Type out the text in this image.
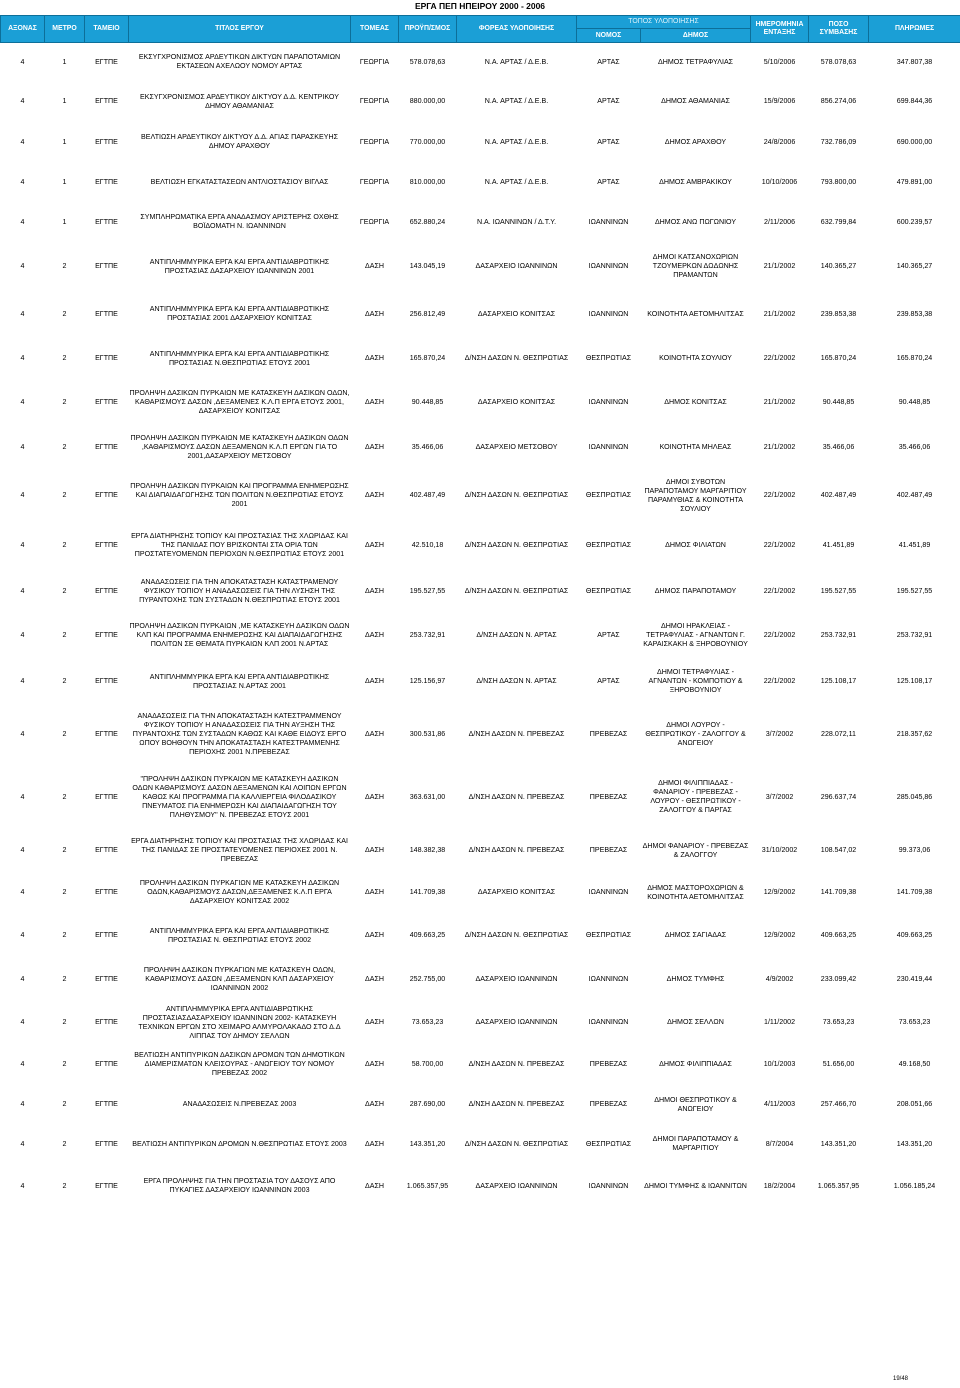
ΕΡΓΑ ΠΕΠ ΗΠΕΙΡΟΥ 2000 - 2006
ΑΞΟΝΑΣ	ΜΕΤΡΟ	ΤΑΜΕΙΟ	ΤΙΤΛΟΣ ΕΡΓΟΥ	ΤΟΜΕΑΣ	ΠΡΟΫΠ/ΣΜΟΣ	ΦΟΡΕΑΣ ΥΛΟΠΟΙΗΣΗΣ	ΤΟΠΟΣ ΥΛΟΠΟΙΗΣΗΣ		ΗΜΕΡΟΜΗΝΙΑ ΕΝΤΑΞΗΣ	ΠΟΣΟ ΣΥΜΒΑΣΗΣ	ΠΛΗΡΩΜΕΣ
							ΝΟΜΟΣ	ΔΗΜΟΣ			
4	1	ΕΓΤΠΕ	ΕΚΣΥΓΧΡΟΝΙΣΜΟΣ ΑΡΔΕΥΤΙΚΩΝ ΔΙΚΤΥΩΝ ΠΑΡΑΠΟΤΑΜΙΩΝ ΕΚΤΑΣΕΩΝ ΑΧΕΛΩΟΥ ΝΟΜΟΥ ΑΡΤΑΣ	ΓΕΩΡΓΙΑ	578.078,63	Ν.Α. ΑΡΤΑΣ / Δ.Ε.Β.	ΑΡΤΑΣ	ΔΗΜΟΣ ΤΕΤΡΑΦΥΛΙΑΣ	5/10/2006	578.078,63	347.807,38
4	1	ΕΓΤΠΕ	ΕΚΣΥΓΧΡΟΝΙΣΜΟΣ ΑΡΔΕΥΤΙΚΟΥ ΔΙΚΤΥΟΥ Δ.Δ. ΚΕΝΤΡΙΚΟΥ ΔΗΜΟΥ ΑΘΑΜΑΝΙΑΣ	ΓΕΩΡΓΙΑ	880.000,00	Ν.Α. ΑΡΤΑΣ / Δ.Ε.Β.	ΑΡΤΑΣ	ΔΗΜΟΣ ΑΘΑΜΑΝΙΑΣ	15/9/2006	856.274,06	699.844,36
4	1	ΕΓΤΠΕ	ΒΕΛΤΙΩΣΗ ΑΡΔΕΥΤΙΚΟΥ ΔΙΚΤΥΟΥ Δ.Δ. ΑΓΙΑΣ ΠΑΡΑΣΚΕΥΗΣ ΔΗΜΟΥ ΑΡΑΧΘΟΥ	ΓΕΩΡΓΙΑ	770.000,00	Ν.Α. ΑΡΤΑΣ / Δ.Ε.Β.	ΑΡΤΑΣ	ΔΗΜΟΣ ΑΡΑΧΘΟΥ	24/8/2006	732.786,09	690.000,00
4	1	ΕΓΤΠΕ	ΒΕΛΤΙΩΣΗ ΕΓΚΑΤΑΣΤΑΣΕΩΝ ΑΝΤΛΙΟΣΤΑΣΙΟΥ ΒΙΓΛΑΣ	ΓΕΩΡΓΙΑ	810.000,00	Ν.Α. ΑΡΤΑΣ / Δ.Ε.Β.	ΑΡΤΑΣ	ΔΗΜΟΣ ΑΜΒΡΑΚΙΚΟΥ	10/10/2006	793.800,00	479.891,00
4	1	ΕΓΤΠΕ	ΣΥΜΠΛΗΡΩΜΑΤΙΚΑ ΕΡΓΑ ΑΝΑΔΑΣΜΟΥ ΑΡΙΣΤΕΡΗΣ ΟΧΘΗΣ ΒΟΪΔΟΜΑΤΗ Ν. ΙΩΑΝΝΙΝΩΝ	ΓΕΩΡΓΙΑ	652.880,24	Ν.Α. ΙΩΑΝΝΙΝΩΝ / Δ.Τ.Υ.	ΙΩΑΝΝΙΝΩΝ	ΔΗΜΟΣ ΑΝΩ ΠΩΓΩΝΙΟΥ	2/11/2006	632.799,84	600.239,57
4	2	ΕΓΤΠΕ	ΑΝΤΙΠΛΗΜΜΥΡΙΚΑ ΕΡΓΑ ΚΑΙ ΕΡΓΑ ΑΝΤΙΔΙΑΒΡΩΤΙΚΗΣ ΠΡΟΣΤΑΣΙΑΣ ΔΑΣΑΡΧΕΙΟΥ ΙΩΑΝΝΙΝΩΝ 2001	ΔΑΣΗ	143.045,19	ΔΑΣΑΡΧΕΙΟ ΙΩΑΝΝΙΝΩΝ	ΙΩΑΝΝΙΝΩΝ	ΔΗΜΟΙ ΚΑΤΣΑΝΟΧΩΡΙΩΝ ΤΖΟΥΜΕΡΚΩΝ ΔΩΔΩΝΗΣ ΠΡΑΜΑΝΤΩΝ	21/1/2002	140.365,27	140.365,27
4	2	ΕΓΤΠΕ	ΑΝΤΙΠΛΗΜΜΥΡΙΚΑ ΕΡΓΑ ΚΑΙ ΕΡΓΑ ΑΝΤΙΔΙΑΒΡΩΤΙΚΗΣ ΠΡΟΣΤΑΣΙΑΣ 2001 ΔΑΣΑΡΧΕΙΟΥ ΚΟΝΙΤΣΑΣ	ΔΑΣΗ	256.812,49	ΔΑΣΑΡΧΕΙΟ ΚΟΝΙΤΣΑΣ	ΙΩΑΝΝΙΝΩΝ	ΚΟΙΝΟΤΗΤΑ ΑΕΤΟΜΗΛΙΤΣΑΣ	21/1/2002	239.853,38	239.853,38
4	2	ΕΓΤΠΕ	ΑΝΤΙΠΛΗΜΜΥΡΙΚΑ ΕΡΓΑ ΚΑΙ ΕΡΓΑ ΑΝΤΙΔΙΑΒΡΩΤΙΚΗΣ ΠΡΟΣΤΑΣΙΑΣ Ν.ΘΕΣΠΡΩΤΙΑΣ ΕΤΟΥΣ 2001	ΔΑΣΗ	165.870,24	Δ/ΝΣΗ ΔΑΣΩΝ Ν. ΘΕΣΠΡΩΤΙΑΣ	ΘΕΣΠΡΩΤΙΑΣ	ΚΟΙΝΟΤΗΤΑ ΣΟΥΛΙΟΥ	22/1/2002	165.870,24	165.870,24
4	2	ΕΓΤΠΕ	ΠΡΟΛΗΨΗ ΔΑΣΙΚΩΝ ΠΥΡΚΑΙΩΝ ΜΕ ΚΑΤΑΣΚΕΥΗ ΔΑΣΙΚΩΝ ΟΔΩΝ, ΚΑΘΑΡΙΣΜΟΥΣ ΔΑΣΩΝ ,ΔΕΞΑΜΕΝΕΣ Κ.Λ.Π ΕΡΓΑ ΕΤΟΥΣ 2001, ΔΑΣΑΡΧΕΙΟΥ ΚΟΝΙΤΣΑΣ	ΔΑΣΗ	90.448,85	ΔΑΣΑΡΧΕΙΟ ΚΟΝΙΤΣΑΣ	ΙΩΑΝΝΙΝΩΝ	ΔΗΜΟΣ ΚΟΝΙΤΣΑΣ	21/1/2002	90.448,85	90.448,85
4	2	ΕΓΤΠΕ	ΠΡΟΛΗΨΗ ΔΑΣΙΚΩΝ ΠΥΡΚΑΙΩΝ ΜΕ ΚΑΤΑΣΚΕΥΗ ΔΑΣΙΚΩΝ ΟΔΩΝ ,ΚΑΘΑΡΙΣΜΟΥΣ ΔΑΣΩΝ ΔΕΞΑΜΕΝΩΝ Κ.Λ.Π ΕΡΓΩΝ ΓΙΑ ΤΟ 2001,ΔΑΣΑΡΧΕΙΟΥ ΜΕΤΣΟΒΟΥ	ΔΑΣΗ	35.466,06	ΔΑΣΑΡΧΕΙΟ ΜΕΤΣΟΒΟΥ	ΙΩΑΝΝΙΝΩΝ	ΚΟΙΝΟΤΗΤΑ ΜΗΛΕΑΣ	21/1/2002	35.466,06	35.466,06
4	2	ΕΓΤΠΕ	ΠΡΟΛΗΨΗ ΔΑΣΙΚΩΝ ΠΥΡΚΑΙΩΝ ΚΑΙ ΠΡΟΓΡΑΜΜΑ ΕΝΗΜΕΡΩΣΗΣ ΚΑΙ ΔΙΑΠΑΙΔΑΓΩΓΗΣΗΣ ΤΩΝ ΠΟΛΙΤΩΝ Ν.ΘΕΣΠΡΩΤΙΑΣ ΕΤΟΥΣ 2001	ΔΑΣΗ	402.487,49	Δ/ΝΣΗ ΔΑΣΩΝ Ν. ΘΕΣΠΡΩΤΙΑΣ	ΘΕΣΠΡΩΤΙΑΣ	ΔΗΜΟΙ ΣΥΒΟΤΩΝ ΠΑΡΑΠΟΤΑΜΟΥ ΜΑΡΓΑΡΙΤΙΟΥ ΠΑΡΑΜΥΘΙΑΣ & ΚΟΙΝΟΤΗΤΑ ΣΟΥΛΙΟΥ	22/1/2002	402.487,49	402.487,49
4	2	ΕΓΤΠΕ	ΕΡΓΑ ΔΙΑΤΗΡΗΣΗΣ ΤΟΠΙΟΥ ΚΑΙ ΠΡΟΣΤΑΣΙΑΣ ΤΗΣ ΧΛΩΡΙΔΑΣ ΚΑΙ ΤΗΣ ΠΑΝΙΔΑΣ ΠΟΥ ΒΡΙΣΚΟΝΤΑΙ ΣΤΑ ΟΡΙΑ ΤΩΝ ΠΡΟΣΤΑΤΕΥΟΜΕΝΩΝ ΠΕΡΙΟΧΩΝ Ν.ΘΕΣΠΡΩΤΙΑΣ ΕΤΟΥΣ 2001	ΔΑΣΗ	42.510,18	Δ/ΝΣΗ ΔΑΣΩΝ Ν. ΘΕΣΠΡΩΤΙΑΣ	ΘΕΣΠΡΩΤΙΑΣ	ΔΗΜΟΣ ΦΙΛΙΑΤΩΝ	22/1/2002	41.451,89	41.451,89
4	2	ΕΓΤΠΕ	ΑΝΑΔΑΣΩΣΕΙΣ ΓΙΑ ΤΗΝ ΑΠΟΚΑΤΑΣΤΑΣΗ ΚΑΤΑΣΤΡΑΜΕΝΟΥ ΦΥΣΙΚΟΥ ΤΟΠΙΟΥ Η ΑΝΑΔΑΣΩΣΕΙΣ ΓΙΑ ΤΗΝ ΛΥΣΗΣΗ ΤΗΣ ΠΥΡΑΝΤΟΧΗΣ ΤΩΝ ΣΥΣΤΑΔΩΝ Ν.ΘΕΣΠΡΩΤΙΑΣ ΕΤΟΥΣ 2001	ΔΑΣΗ	195.527,55	Δ/ΝΣΗ ΔΑΣΩΝ Ν. ΘΕΣΠΡΩΤΙΑΣ	ΘΕΣΠΡΩΤΙΑΣ	ΔΗΜΟΣ ΠΑΡΑΠΟΤΑΜΟΥ	22/1/2002	195.527,55	195.527,55
4	2	ΕΓΤΠΕ	ΠΡΟΛΗΨΗ ΔΑΣΙΚΩΝ ΠΥΡΚΑΙΩΝ ,ΜΕ ΚΑΤΑΣΚΕΥΗ ΔΑΣΙΚΩΝ ΟΔΩΝ ΚΛΠ ΚΑΙ ΠΡΟΓΡΑΜΜΑ ΕΝΗΜΕΡΩΣΗΣ ΚΑΙ ΔΙΑΠΑΙΔΑΓΩΓΗΣΗΣ ΠΟΛΙΤΩΝ ΣΕ ΘΕΜΑΤΑ ΠΥΡΚΑΙΩΝ ΚΛΠ 2001 Ν.ΑΡΤΑΣ	ΔΑΣΗ	253.732,91	Δ/ΝΣΗ ΔΑΣΩΝ Ν. ΑΡΤΑΣ	ΑΡΤΑΣ	ΔΗΜΟΙ ΗΡΑΚΛΕΙΑΣ - ΤΕΤΡΑΦΥΛΙΑΣ - ΑΓΝΑΝΤΩΝ Γ. ΚΑΡΑΙΣΚΑΚΗ & ΞΗΡΟΒΟΥΝΙΟΥ	22/1/2002	253.732,91	253.732,91
4	2	ΕΓΤΠΕ	ΑΝΤΙΠΛΗΜΜΥΡΙΚΑ ΕΡΓΑ ΚΑΙ ΕΡΓΑ ΑΝΤΙΔΙΑΒΡΩΤΙΚΗΣ ΠΡΟΣΤΑΣΙΑΣ Ν.ΑΡΤΑΣ 2001	ΔΑΣΗ	125.156,97	Δ/ΝΣΗ ΔΑΣΩΝ Ν. ΑΡΤΑΣ	ΑΡΤΑΣ	ΔΗΜΟΙ ΤΕΤΡΑΦΥΛΙΑΣ - ΑΓΝΑΝΤΩΝ - ΚΟΜΠΟΤΙΟΥ & ΞΗΡΟΒΟΥΝΙΟΥ	22/1/2002	125.108,17	125.108,17
4	2	ΕΓΤΠΕ	ΑΝΑΔΑΣΩΣΕΙΣ ΓΙΑ ΤΗΝ ΑΠΟΚΑΤΑΣΤΑΣΗ ΚΑΤΕΣΤΡΑΜΜΕΝΟΥ ΦΥΣΙΚΟΥ ΤΟΠΙΟΥ Η ΑΝΑΔΑΣΩΣΕΙΣ ΓΙΑ ΤΗΝ ΑΥΞΗΣΗ ΤΗΣ ΠΥΡΑΝΤΟΧΗΣ ΤΩΝ ΣΥΣΤΑΔΩΝ ΚΑΘΩΣ ΚΑΙ ΚΑΘΕ ΕΙΔΟΥΣ ΕΡΓΟ ΩΠΟΥ ΒΟΗΘΟΥΝ ΤΗΝ ΑΠΟΚΑΤΑΣΤΑΣΗ ΚΑΤΕΣΤΡΑΜΜΕΝΗΣ ΠΕΡΙΟΧΗΣ 2001 Ν.ΠΡΕΒΕΖΑΣ	ΔΑΣΗ	300.531,86	Δ/ΝΣΗ ΔΑΣΩΝ Ν. ΠΡΕΒΕΖΑΣ	ΠΡΕΒΕΖΑΣ	ΔΗΜΟΙ ΛΟΥΡΟΥ - ΘΕΣΠΡΩΤΙΚΟΥ - ΖΑΛΟΓΓΟΥ & ΑΝΩΓΕΙΟΥ	3/7/2002	228.072,11	218.357,62
4	2	ΕΓΤΠΕ	"ΠΡΟΛΗΨΗ ΔΑΣΙΚΩΝ ΠΥΡΚΑΙΩΝ ΜΕ ΚΑΤΑΣΚΕΥΗ ΔΑΣΙΚΩΝ ΟΔΩΝ ΚΑΘΑΡΙΣΜΟΥΣ ΔΑΣΩΝ ΔΕΞΑΜΕΝΩΝ ΚΑΙ ΛΟΙΠΩΝ ΕΡΓΩΝ ΚΑΘΩΣ ΚΑΙ ΠΡΟΓΡΑΜΜΑ ΓΙΑ ΚΑΛΛΙΕΡΓΕΙΑ ΦΙΛΟΔΑΣΙΚΟΥ ΠΝΕΥΜΑΤΟΣ ΓΙΑ ΕΝΗΜΕΡΩΣΗ ΚΑΙ ΔΙΑΠΑΙΔΑΓΩΓΗΣΗ ΤΟΥ ΠΛΗΘΥΣΜΟΥ" Ν. ΠΡΕΒΕΖΑΣ ΕΤΟΥΣ 2001	ΔΑΣΗ	363.631,00	Δ/ΝΣΗ ΔΑΣΩΝ Ν. ΠΡΕΒΕΖΑΣ	ΠΡΕΒΕΖΑΣ	ΔΗΜΟΙ ΦΙΛΙΠΠΙΑΔΑΣ - ΦΑΝΑΡΙΟΥ - ΠΡΕΒΕΖΑΣ - ΛΟΥΡΟΥ - ΘΕΣΠΡΩΤΙΚΟΥ - ΖΑΛΟΓΓΟΥ & ΠΑΡΓΑΣ	3/7/2002	296.637,74	285.045,86
4	2	ΕΓΤΠΕ	ΕΡΓΑ ΔΙΑΤΗΡΗΣΗΣ ΤΟΠΙΟΥ ΚΑΙ ΠΡΟΣΤΑΣΙΑΣ ΤΗΣ ΧΛΩΡΙΔΑΣ ΚΑΙ ΤΗΣ ΠΑΝΙΔΑΣ ΣΕ ΠΡΟΣΤΑΤΕΥΟΜΕΝΕΣ ΠΕΡΙΟΧΕΣ 2001 Ν. ΠΡΕΒΕΖΑΣ	ΔΑΣΗ	148.382,38	Δ/ΝΣΗ ΔΑΣΩΝ Ν. ΠΡΕΒΕΖΑΣ	ΠΡΕΒΕΖΑΣ	ΔΗΜΟΙ ΦΑΝΑΡΙΟΥ - ΠΡΕΒΕΖΑΣ & ΖΑΛΟΓΓΟΥ	31/10/2002	108.547,02	99.373,06
4	2	ΕΓΤΠΕ	ΠΡΟΛΗΨΗ ΔΑΣΙΚΩΝ ΠΥΡΚΑΓΙΩΝ ΜΕ ΚΑΤΑΣΚΕΥΗ ΔΑΣΙΚΩΝ ΟΔΩΝ,ΚΑΘΑΡΙΣΜΟΥΣ ΔΑΣΩΝ,ΔΕΞΑΜΕΝΕΣ Κ.Λ.Π ΕΡΓΑ ΔΑΣΑΡΧΕΙΟΥ ΚΟΝΙΤΣΑΣ 2002	ΔΑΣΗ	141.709,38	ΔΑΣΑΡΧΕΙΟ ΚΟΝΙΤΣΑΣ	ΙΩΑΝΝΙΝΩΝ	ΔΗΜΟΣ ΜΑΣΤΟΡΟΧΩΡΙΩΝ & ΚΟΙΝΟΤΗΤΑ ΑΕΤΟΜΗΛΙΤΣΑΣ	12/9/2002	141.709,38	141.709,38
4	2	ΕΓΤΠΕ	ΑΝΤΙΠΛΗΜΜΥΡΙΚΑ ΕΡΓΑ ΚΑΙ ΕΡΓΑ ΑΝΤΙΔΙΑΒΡΩΤΙΚΗΣ ΠΡΟΣΤΑΣΙΑΣ Ν. ΘΕΣΠΡΩΤΙΑΣ ΕΤΟΥΣ 2002	ΔΑΣΗ	409.663,25	Δ/ΝΣΗ ΔΑΣΩΝ Ν. ΘΕΣΠΡΩΤΙΑΣ	ΘΕΣΠΡΩΤΙΑΣ	ΔΗΜΟΣ ΣΑΓΙΑΔΑΣ	12/9/2002	409.663,25	409.663,25
4	2	ΕΓΤΠΕ	ΠΡΟΛΗΨΗ ΔΑΣΙΚΩΝ ΠΥΡΚΑΓΙΩΝ ΜΕ ΚΑΤΑΣΚΕΥΗ ΟΔΩΝ, ΚΑΘΑΡΙΣΜΟΥΣ ΔΑΣΩΝ ,ΔΕΞΑΜΕΝΩΝ ΚΛΠ ΔΑΣΑΡΧΕΙΟΥ ΙΩΑΝΝΙΝΩΝ 2002	ΔΑΣΗ	252.755,00	ΔΑΣΑΡΧΕΙΟ ΙΩΑΝΝΙΝΩΝ	ΙΩΑΝΝΙΝΩΝ	ΔΗΜΟΣ ΤΥΜΦΗΣ	4/9/2002	233.099,42	230.419,44
4	2	ΕΓΤΠΕ	ΑΝΤΙΠΛΗΜΜΥΡΙΚΑ ΕΡΓΑ ΑΝΤΙΔΙΑΒΡΩΤΙΚΗΣ ΠΡΟΣΤΑΣΙΑΣΔΑΣΑΡΧΕΙΟΥ ΙΩΑΝΝΙΝΩΝ 2002- ΚΑΤΑΣΚΕΥΗ ΤΕΧΝΙΚΩΝ ΕΡΓΩΝ ΣΤΟ ΧΕΙΜΑΡΟ ΑΛΜΥΡΟΛΑΚΑΔΟ ΣΤΟ Δ.Δ ΛΙΠΠΑΣ ΤΟΥ ΔΗΜΟΥ ΣΕΛΛΩΝ	ΔΑΣΗ	73.653,23	ΔΑΣΑΡΧΕΙΟ ΙΩΑΝΝΙΝΩΝ	ΙΩΑΝΝΙΝΩΝ	ΔΗΜΟΣ ΣΕΛΛΩΝ	1/11/2002	73.653,23	73.653,23
4	2	ΕΓΤΠΕ	ΒΕΛΤΙΩΣΗ ΑΝΤΙΠΥΡΙΚΩΝ ΔΑΣΙΚΩΝ ΔΡΟΜΩΝ ΤΩΝ ΔΗΜΟΤΙΚΩΝ ΔΙΑΜΕΡΙΣΜΑΤΩΝ ΚΛΕΙΣΟΥΡΑΣ - ΑΝΩΓΕΙΟΥ ΤΟΥ ΝΟΜΟΥ ΠΡΕΒΕΖΑΣ 2002	ΔΑΣΗ	58.700,00	Δ/ΝΣΗ ΔΑΣΩΝ Ν. ΠΡΕΒΕΖΑΣ	ΠΡΕΒΕΖΑΣ	ΔΗΜΟΣ ΦΙΛΙΠΠΙΑΔΑΣ	10/1/2003	51.656,00	49.168,50
4	2	ΕΓΤΠΕ	ΑΝΑΔΑΣΩΣΕΙΣ Ν.ΠΡΕΒΕΖΑΣ 2003	ΔΑΣΗ	287.690,00	Δ/ΝΣΗ ΔΑΣΩΝ Ν. ΠΡΕΒΕΖΑΣ	ΠΡΕΒΕΖΑΣ	ΔΗΜΟΙ ΘΕΣΠΡΩΤΙΚΟΥ & ΑΝΩΓΕΙΟΥ	4/11/2003	257.466,70	208.051,66
4	2	ΕΓΤΠΕ	ΒΕΛΤΙΩΣΗ ΑΝΤΙΠΥΡΙΚΩΝ ΔΡΟΜΩΝ Ν.ΘΕΣΠΡΩΤΙΑΣ ΕΤΟΥΣ 2003	ΔΑΣΗ	143.351,20	Δ/ΝΣΗ ΔΑΣΩΝ Ν. ΘΕΣΠΡΩΤΙΑΣ	ΘΕΣΠΡΩΤΙΑΣ	ΔΗΜΟΙ ΠΑΡΑΠΟΤΑΜΟΥ & ΜΑΡΓΑΡΙΤΙΟΥ	8/7/2004	143.351,20	143.351,20
4	2	ΕΓΤΠΕ	ΕΡΓΑ ΠΡΟΛΗΨΗΣ ΓΙΑ ΤΗΝ ΠΡΟΣΤΑΣΙΑ ΤΟΥ ΔΑΣΟΥΣ ΑΠΟ ΠΥΚΑΓΙΕΣ ΔΑΣΑΡΧΕΙΟΥ ΙΩΑΝΝΙΝΩΝ 2003	ΔΑΣΗ	1.065.357,95	ΔΑΣΑΡΧΕΙΟ ΙΩΑΝΝΙΝΩΝ	ΙΩΑΝΝΙΝΩΝ	ΔΗΜΟΙ ΤΥΜΦΗΣ & ΙΩΑΝΝΙΤΩΝ	18/2/2004	1.065.357,95	1.056.185,24
19/48
